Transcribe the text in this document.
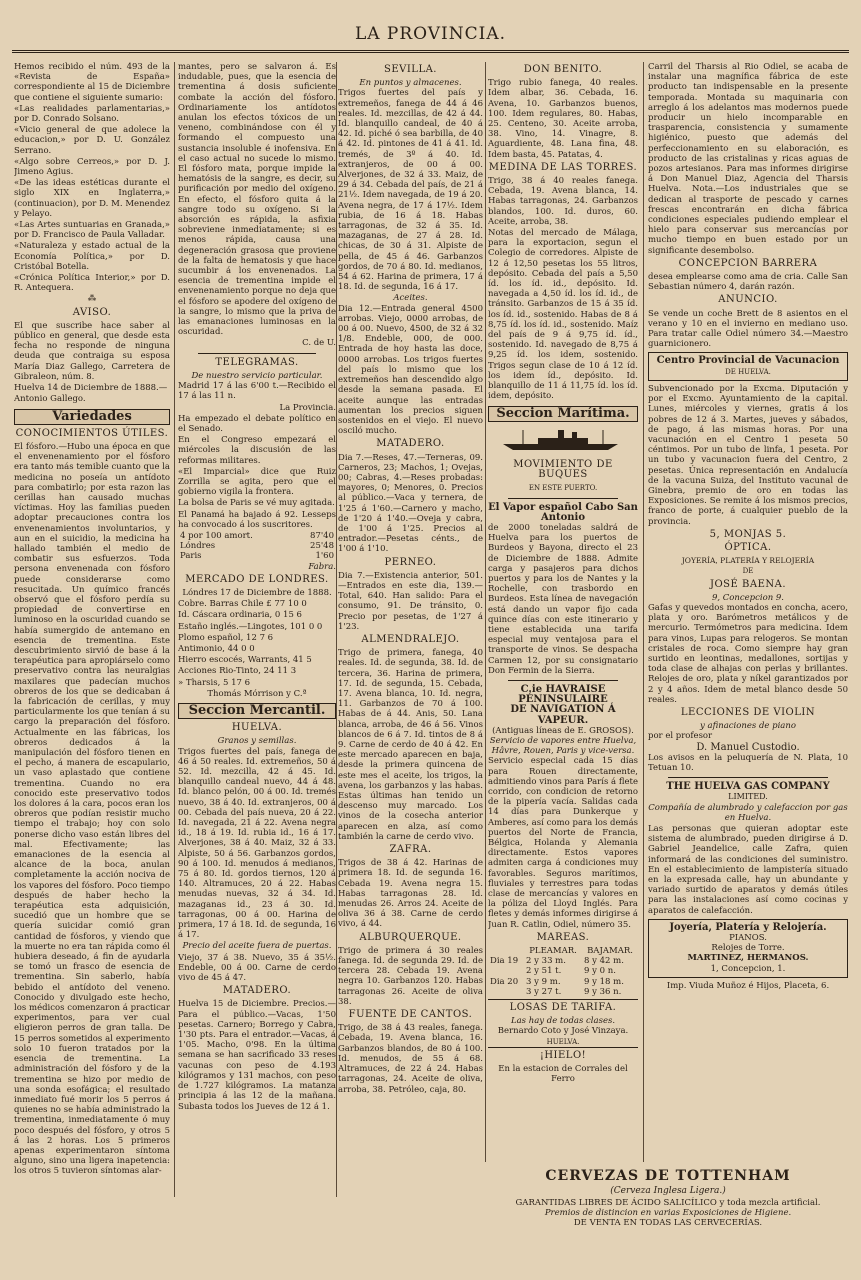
LA PROVINCIA.

Hemos recibido el núm. 493 de la «Revista de España» correspondiente al 15 de Diciembre que contiene el siguiente sumario:

«Las realidades parlamentarias,» por D. Conrado Solsano.

«Vicio general de que adolece la educacion,» por D. U. González Serrano.

«Algo sobre Cerreos,» por D. J. Jimeno Agius.

«De las ideas estéticas durante el siglo XIX en Inglaterra,» (continuacion), por D. M. Menendez y Pelayo.

«Las Artes suntuarias en Granada,» por D. Francisco de Paula Valladar.

«Naturaleza y estado actual de la Economía Política,» por D. Cristóbal Botella.

«Crónica Política Interior,» por D. R. Antequera.

⁂
AVISO.

El que suscribe hace saber al público en general, que desde esta fecha no responde de ninguna deuda que contraiga su esposa María Diaz Gallego, Carretera de Gibraleon, núm. 8.

Huelva 14 de Diciembre de 1888.—

Antonio Gallego.

Variedades
CONOCIMIENTOS ÚTILES.

El fósforo.—Hubo una época en que el envenenamiento por el fósforo era tanto más temible cuanto que la medicina no poseía un antídoto para combatirlo; por esta razon las cerillas han causado muchas víctimas. Hoy las familias pueden adoptar precauciones contra los envenenamientos involuntarios, y aun en el suicidio, la medicina ha hallado también el medio de combatir sus esfuerzos. Toda persona envenenada con fósforo puede considerarse como resucitada. Un químico francés observó que el fósforo perdía su propiedad de convertirse en luminoso en la oscuridad cuando se había sumergido de antemano en esencia de trementina. Este descubrimiento sirvió de base á la terapéutica para apropiárselo como preservativo contra las neuralgias maxilares que padecían muchos obreros de los que se dedicaban á la fabricación de cerillas, y muy particularmente los que tenían á su cargo la preparación del fósforo. Actualmente en las fábricas, los obreros dedicados á la manipulación del fósforo tienen en el pecho, á manera de escapulario, un vaso aplastado que contiene trementina. Cuando no era conocido este preservativo todos los dolores á la cara, pocos eran los obreros que podían resistir mucho tiempo el trabajo; hoy con solo ponerse dicho vaso están libres del mal. Efectivamente; las emanaciones de la esencia al alcance de la boca, anulan completamente la acción nociva de los vapores del fósforo. Poco tiempo después de haber hecho la terapéutica esta adquisición, sucedió que un hombre que se quería suicidar comió gran cantidad de fósforos, y viendo que la muerte no era tan rápida como él hubiera deseado, á fin de ayudarla se tomó un frasco de esencia de trementina. Sin saberlo, había bebido el antídoto del veneno. Conocido y divulgado este hecho, los médicos comenzaron á practicar experimentos, para ver cual eligieron perros de gran talla. De 15 perros sometidos al experimento solo 10 fueron tratados por la esencia de trementina. La administración del fósforo y de la trementina se hizo por medio de una sonda esofágica; el resultado inmediato fué morir los 5 perros á quienes no se había administrado la trementina, inmediatamente ó muy poco después del fósforo, y otros 5 á las 2 horas. Los 5 primeros apenas experimentaron síntoma alguno, sino una ligera inapetencia: los otros 5 tuvieron síntomas alar-

mantes, pero se salvaron á. Es indudable, pues, que la esencia de trementina á dosis suficiente combate la acción del fósforo. Ordinariamente los antídotos anulan los efectos tóxicos de un veneno, combinándose con él y formando el compuesto una sustancia insoluble é inofensiva. En el caso actual no sucede lo mismo. El fósforo mata, porque impide la hematósis de la sangre, es decir, su purificación por medio del oxígeno. En efecto, el fósforo quita á la sangre todo su oxígeno. Si la absorción es rápida, la asfixia sobreviene inmediatamente; si es menos rápida, causa una degeneración grasosa que proviene de la falta de hematosis y que hace sucumbir á los envenenados. La esencia de trementina impide el envenenamiento porque no deja que el fósforo se apodere del oxígeno de la sangre, lo mismo que la priva de las emanaciones luminosas en la oscuridad.

C. de U.

TELEGRAMAS.
De nuestro servicio particular.

Madrid 17 á las 6'00 t.—Recibido el 17 á las 11 n.

La Provincia.

Ha empezado el debate político en el Senado.

En el Congreso empezará el miércoles la discusión de las reformas militares.

«El Imparcial» dice que Ruiz Zorrilla se agita, pero que el gobierno vigila la frontera.

La bolsa de Paris se vé muy agitada.

El Panamá ha bajado á 92. Lesseps ha convocado á los suscritores.

4 por 100 amort.	87'40
Lóndres	25'48
Paris	1'60

Fabra.

MERCADO DE LONDRES.

Lóndres 17 de Diciembre de 1888.

Cobre. Barras Chile £ 77 10 0

Id. Cáscara ordinaria, 0 15 6

Estaño inglés.—Lingotes, 101 0 0

Plomo español, 12 7 6

Antimonio, 44 0 0

Hierro escocés, Warrants, 41 5

Acciones Rio-Tinto, 24 11 3

» Tharsis, 5 17 6

Thomás Mórrison y C.ª

Seccion Mercantil.
HUELVA.
Granos y semillas.

Trigos fuertes del país, fanega de 46 á 50 reales. Id. extremeños, 50 á 52. Id. mezcilla, 42 á 45. Id. blanquillo candeal nuevo, 44 á 48. Id. blanco pelón, 00 á 00. Id. tremés nuevo, 38 á 40. Id. extranjeros, 00 á 00. Cebada del país nueva, 20 á 22. Id. navegada, 21 á 22. Avena negra id., 18 á 19. Id. rubia id., 16 á 17. Alverjones, 38 á 40. Maiz, 32 á 33. Alpiste, 50 á 56. Garbanzos gordos, 90 á 100. Id. menudos á medianos, 75 á 80. Id. gordos tiernos, 120 á 140. Altramuces, 20 á 22. Habas menudas nuevas, 32 á 34. Id. mazaganas id., 23 á 30. Id. tarragonas, 00 á 00. Harina de primera, 17 á 18. Id. de segunda, 16 á 17.

Precio del aceite fuera de puertas.

Viejo, 37 á 38. Nuevo, 35 á 35½. Endeble, 00 á 00. Carne de cerdo vivo de 45 á 47.

MATADERO.

Huelva 15 de Diciembre. Precios.—Para el público.—Vacas, 1'50 pesetas. Carnero; Borrego y Cabra, 1'30 pts. Para el entrador.—Vacas, á 1'05. Macho, 0'98. En la última semana se han sacrificado 33 reses vacunas con peso de 4.193 kilógramos y 131 machos, con peso de 1.727 kilógramos. La matanza principia á las 12 de la mañana. Subasta todos los Jueves de 12 á 1.

SEVILLA.
En puntos y almacenes.

Trigos fuertes del país y extremeños, fanega de 44 á 46 reales. Id. mezcillas, de 42 á 44. Id. blanquillo candeal, de 40 á 42. Id. piché ó sea barbilla, de 40 á 42. Id. pintones de 41 á 41. Id. tremés, de 3º á 40. Id. extranjeros, de 00 á 00. Alverjones, de 32 á 33. Maiz, de 29 á 34. Cebada del país, de 21 á 21½. Idem navegada, de 19 á 20. Avena negra, de 17 á 17½. Idem rubia, de 16 á 18. Habas tarragonas, de 32 á 35. Id. mazaganas, de 27 á 28. Id. chicas, de 30 á 31. Alpiste de pella, de 45 á 46. Garbanzos gordos, de 70 á 80. Id. medianos, 54 á 62. Harina de primera, 17 á 18. Id. de segunda, 16 á 17.

Aceites.

Dia 12.—Entrada general 4500 arrobas. Viejo, 0000 arrobas, de 00 á 00. Nuevo, 4500, de 32 á 32 1/8. Endeble, 000, de 000. Entrada de hoy hasta las doce, 0000 arrobas. Los trigos fuertes del país lo mismo que los extremeños han descendido algo desde la semana pasada. El aceite aunque las entradas aumentan los precios siguen sostenidos en el viejo. El nuevo osciló mucho.

MATADERO.

Dia 7.—Reses, 47.—Terneras, 09. Carneros, 23; Machos, 1; Ovejas, 00; Cabras, 4.—Reses probadas: mayores, 0; Menores, 0. Precios al público.—Vaca y ternera, de 1'25 á 1'60.—Carnero y macho, de 1'20 á 1'40.—Oveja y cabra, de 1'00 á 1'25. Precios al entrador.—Pesetas cénts., de 1'00 á 1'10.

PERNEO.

Dia 7.—Existencia anterior, 501. —Entrados en este dia, 139.—Total, 640. Han salido: Para el consumo, 91. De tránsito, 0. Precio por pesetas, de 1'27 á 1'23.

ALMENDRALEJO.

Trigo de primera, fanega, 40 reales. Id. de segunda, 38. Id. de tercera, 36. Harina de primera, 17. Id. de segunda, 15. Cebada, 17. Avena blanca, 10. Id. negra, 11. Garbanzos de 70 á 100. Habas de á 44. Anis, 50. Lana blanca, arroba, de 46 á 56. Vinos blancos de 6 á 7. Id. tintos de 8 á 9. Carne de cerdo de 40 á 42. En este mercado aparecen en baja, desde la primera quincena de este mes el aceite, los trigos, la avena, los garbanzos y las habas. Estas últimas han tenido un descenso muy marcado. Los vinos de la cosecha anterior aparecen en alza, así como también la carne de cerdo vivo.

ZAFRA.

Trigos de 38 á 42. Harinas de primera 18. Id. de segunda 16. Cebada 19. Avena negra 15. Habas tarragonas 28. Id. menudas 26. Arros 24. Aceite de oliva 36 á 38. Carne de cerdo vivo, á 44.

ALBURQUERQUE.

Trigo de primera á 30 reales fanega. Id. de segunda 29. Id. de tercera 28. Cebada 19. Avena negra 10. Garbanzos 120. Habas tarragonas 26. Aceite de oliva 38.

FUENTE DE CANTOS.

Trigo, de 38 á 43 reales, fanega. Cebada, 19. Avena blanca, 16. Garbanzos blandos, de 80 á 100. Id. menudos, de 55 á 68. Altramuces, de 22 á 24. Habas tarragonas, 24. Aceite de oliva, arroba, 38. Petróleo, caja, 80.

DON BENITO.

Trigo rubio fanega, 40 reales. Idem albar, 36. Cebada, 16. Avena, 10. Garbanzos buenos, 100. Idem regulares, 80. Habas, 25. Centeno, 30. Aceite arroba, 38. Vino, 14. Vinagre, 8. Aguardiente, 48. Lana fina, 48. Idem basta, 45. Patatas, 4.

MEDINA DE LAS TORRES.

Trigo, 38 á 40 reales fanega. Cebada, 19. Avena blanca, 14. Habas tarragonas, 24. Garbanzos blandos, 100. Id. duros, 60. Aceite, arroba, 38.

Notas del mercado de Málaga, para la exportacion, segun el Colegio de corredores. Alpiste de 12 á 12,50 pesetas los 55 litros, depósito. Cebada del país a 5,50 íd. los íd. id., depósito. Id. navegada a 4,50 íd. los íd. id., de tránsito. Garbanzos de 15 á 35 íd. los íd. id., sostenido. Habas de 8 á 8,75 íd. los íd. id., sostenido. Maíz del país de 9 á 9,75 íd. íd., sostenido. Id. navegado de 8,75 á 9,25 íd. los idem, sostenido. Trigos segun clase de 10 á 12 íd. los idem íd., depósito. Id. blanquillo de 11 á 11,75 íd. los íd. idem, depósito.

Seccion Marítima.
MOVIMIENTO DE BUQUES
EN ESTE PUERTO.
El Vapor español Cabo San Antonio

de 2000 toneladas saldrá de Huelva para los puertos de Burdeos y Bayona, directo el 23 de Diciembre de 1888. Admite carga y pasajeros para dichos puertos y para los de Nantes y la Rochelle, con trasbordo en Burdeos. Esta línea de navegación está dando un vapor fijo cada quince días con este itinerario y tiene establecida una tarifa especial muy ventajosa para el transporte de vinos. Se despacha Carmen 12, por su consignatario Don Fermin de la Sierra.

C.ie HAVRAISE PÉNINSULAIRE
DE NAVIGATION Á VAPEUR.
(Antiguas líneas de E. GROSOS).
Servicio de vapores entre Huelva, Hâvre, Rouen, Paris y vice-versa.

Servicio especial cada 15 días para Rouen directamente, admitiendo vinos para París á flete corrido, con condicion de retorno de la pipería vacía. Salidas cada 14 días para Dunkerque y Amberes, así como para los demás puertos del Norte de Francia, Bélgica, Holanda y Alemania directamente. Estos vapores admiten carga á condiciones muy favorables. Seguros marítimos, fluviales y terrestres para todas clase de mercancías y valores en la póliza del Lloyd Inglés. Para fletes y demás informes dirigirse á Juan R. Catlin, Odiel, número 35.

MAREAS.
	PLEAMAR.	BAJAMAR.
Dia 19	2 y 33 m.	8 y 42 m.
	2 y 51 t.	9 y 0 n.
Dia 20	3 y 9 m.	9 y 18 m.
	3 y 27 t.	9 y 36 n.
LOSAS DE TARIFA.
Las hay de todas clases.
Bernardo Coto y José Vinzaya.
HUELVA.
¡HIELO!

En la estacion de Corrales del Ferro

Carril del Tharsis al Rio Odiel, se acaba de instalar una magnífica fábrica de este producto tan indispensable en la presente temporada. Montada su maquinaria con arreglo á los adelantos mas modernos puede producir un hielo incomparable en trasparencia, consistencia y sumamente higiénico, puesto que además del perfeccionamiento en su elaboración, es producto de las cristalinas y ricas aguas de pozos artesianos. Para mas informes dirigirse á Don Manuel Diaz, Agencia del Tharsis Huelva. Nota.—Los industriales que se dedican al trasporte de pescado y carnes frescas encontrarán en dicha fábrica condiciones especiales pudiendo emplear el hielo para conservar sus mercancías por mucho tiempo en buen estado por un significante desembolso.

CONCEPCION BARRERA

desea emplearse como ama de cria. Calle San Sebastian número 4, darán razón.

ANUNCIO.

Se vende un coche Brett de 8 asientos en el verano y 10 en el invierno en mediano uso. Para tratar calle Odiel número 34.—Maestro guarnicionero.

Centro Provincial de Vacunacion
DE HUELVA.

Subvencionado por la Excma. Diputación y por el Excmo. Ayuntamiento de la capital. Lunes, miércoles y viernes, gratis á los pobres de 12 á 3. Martes, jueves y sábados, de pago, á las mismas horas. Por una vacunación en el Centro 1 peseta 50 céntimos. Por un tubo de linfa, 1 peseta. Por un tubo y vacunacion fuera del Centro, 2 pesetas. Única representación en Andalucía de la vacuna Suiza, del Instituto vacunal de Ginebra, premio de oro en todas las Exposiciones. Se remite á los mismos precios, franco de porte, á cualquier pueblo de la provincia.

5, MONJAS 5.
ÓPTICA.
JOYERÍA, PLATERÍA Y RELOJERÍA
DE
JOSÉ BAENA.
9, Concepcion 9.

Gafas y quevedos montados en concha, acero, plata y oro. Barómetros metálicos y de mercurio. Termómetros para medicina. Idem para vinos, Lupas para relogeros. Se montan cristales de roca. Como siempre hay gran surtido en leontinas, medallones, sortijas y toda clase de alhajas con perlas y brillantes. Relojes de oro, plata y níkel garantizados por 2 y 4 años. Idem de metal blanco desde 50 reales.

LECCIONES DE VIOLIN
y afinaciones de piano

por el profesor

D. Manuel Custodio.

Los avisos en la peluquería de N. Plata, 10 Tetuan 10.

THE HUELVA GAS COMPANY
LIMITED.

Compañía de alumbrado y calefaccion por gas en Huelva.

Las personas que quieran adoptar este sistema de alumbrado, pueden dirigirse á D. Gabriel Jeandelice, calle Zafra, quien informará de las condiciones del suministro. En el establecimiento de lampistería situado en la expresada calle, hay un abundante y variado surtido de aparatos y demás útiles para las instalaciones así como cocinas y aparatos de calefacción.

Joyería, Platería y Relojería.
PIANOS.
Relojes de Torre.
MARTINEZ, HERMANOS.
1, Concepcion, 1.

Imp. Viuda Muñoz é Hijos, Placeta, 6.

CERVEZAS DE TOTTENHAM
(Cerveza Inglesa Ligera.)
GARANTIDAS LIBRES DE ÁCIDO SALICÍLICO y toda mezcla artificial.
Premios de distincion en varias Exposiciones de Higiene.
DE VENTA EN TODAS LAS CERVECERÍAS.
